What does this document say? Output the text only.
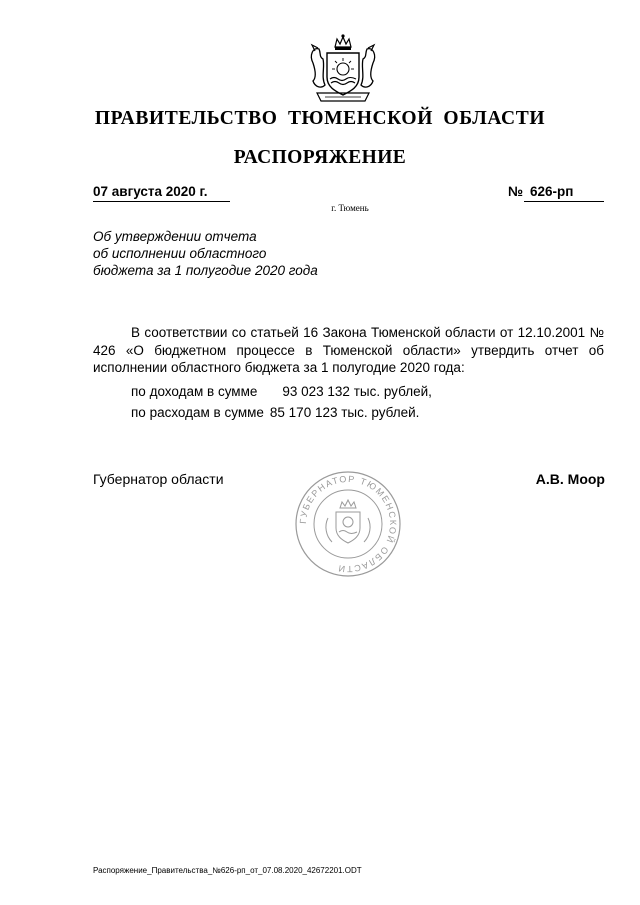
ПРАВИТЕЛЬСТВО ТЮМЕНСКОЙ ОБЛАСТИ
РАСПОРЯЖЕНИЕ
07 августа 2020 г.	№ 626-рп
г. Тюмень
Об утверждении отчета
об исполнении областного
бюджета за 1 полугодие 2020 года
В соответствии со статьей 16 Закона Тюменской области от 12.10.2001 № 426 «О бюджетном процессе в Тюменской области» утвердить отчет об исполнении областного бюджета за 1 полугодие 2020 года:
по доходам в сумме 93 023 132 тыс. рублей,
по расходам в сумме 85 170 123 тыс. рублей.
Губернатор области	А.В. Моор
ГУБЕРНАТОР ТЮМЕНСКОЙ ОБЛАСТИ
Распоряжение_Правительства_№626-рп_от_07.08.2020_42672201.ODT
